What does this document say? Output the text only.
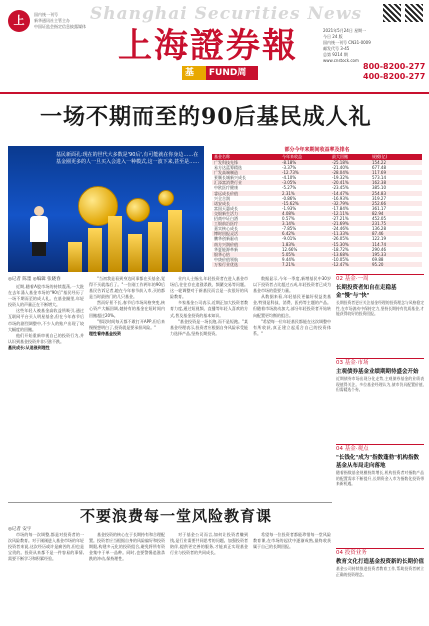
上	国内统一刊号
新华通讯社主管主办
中国证监会指定信息披露媒体
Shanghai Securities News
上海證券報
基金
FUND周刊
2021年5月24日 星期一
今日 24 版
国内统一刊号 CN31-0009
邮发代号 3-45
总第 9214 期
www.cnstock.com
800-8200-277
400-8200-277
一场不期而至的90后基民成人礼
基民新面孔:现在的世代大多数是'90后',有可能就在你身边……在基金圈更多的人一旦买入会进入一种模式,这一波下来,甚至是……
部分今年来期间收益率及排名
基金名称	今年来收益	最大回撤	规模(亿)
广发科技先锋	-8.18%	-25.18%	154.22
易方达蓝筹精选	-3.37%	-21.40%	677.48
广发高端制造	-12.73%	-28.04%	117.69
景顺长城新兴成长	-4.10%	-19.32%	573.14
汇添富消费行业	-3.05%	-20.41%	162.38
中欧医疗健康	-5.27%	-23.45%	385.10
睿远成长价值	2.31%	-14.47%	254.83
兴全合润	-0.86%	-16.93%	319.27
诺安成长	-15.62%	-32.79%	252.66
富国天惠成长	-1.93%	-17.84%	361.17
交银新生活力	4.08%	-12.11%	82.94
招商中证白酒	0.57%	-27.21%	452.05
工银前沿医疗	3.14%	-21.69%	231.75
嘉实核心成长	-7.85%	-24.46%	136.28
博时回报灵活	6.42%	-11.33%	87.46
鹏华创新驱动	-9.01%	-26.05%	122.19
南方兴润价值	1.83%	-15.30%	114.74
华夏能源革新	12.66%	-18.72%	290.46
银华心怡	5.05%	-13.68%	195.33
中庚价值领航	9.44%	-10.05%	69.88
万家行业优选	7.21%	-12.47%	95.20
◎记者 陈墨 ◎编辑 张晓春

近期,随着A股市场的持续震荡,一大批在去年涌入基金市场的"90后"基民经历了一场不期而至的成人礼。在基金圈里,年轻投资人的声量正在不断增大。

这些年轻人被基金高收益所吸引,通过互联网平台买入明星基金,但在今年春节后市场的剧烈调整中,不少人的账户出现了较大幅度的回撤。

他们开始重新审视自己的投资行为,并认识到基金投资并非只涨不跌。

基民成长:从追涨到理性

"当初我是看到身边同事都在买基金,觉得不买就落后了。"一位刚工作两年的90后基民告诉记者,她在今年春节前入市,买的都是当时最热门的几只基金。

然而好景不长,春节后市场风格突变,核心资产大幅回调,她持有的基金在短时间内回撤超过20%。

"那段时间每天都不敢打开APP,但后来慢慢想明白了,投资就是要承担风险。"

理性看待基金投资

业内人士指出,年轻投资者在进入基金市场后,往往存在追涨杀跌、频繁交易等问题。这一轮调整对于新基民而言是一次很好的风险教育。

多家基金公司表示,近期正加大投资者教育力度,通过短视频、直播等年轻人喜欢的方式,普及基金投资的基本知识。

"基金投资是一场长跑,而不是短跑。"某基金经理表示,投资者应根据自身风险承受能力选择产品,坚持长期投资。

数据显示,今年一季度,新增基民中30岁以下投资者占比超过五成,年轻投资者已成为基金市场的重要力量。

从数据来看,年轻基民更偏好权益类基金,特别是科技、消费、医药等主题的产品。但随着市场波动加大,部分年轻投资者开始转向配置更均衡的组合。

"希望每一位年轻基民都能在这次调整中有所收获,真正建立起适合自己的投资体系。"

02 基金·一周
长期投资者知自在走稳基金"慢"与"快"
长期投资者更应关注基金经理的投资理念与风格稳定性,在市场波动中保持定力,坚持长期持有优质基金,才能获得较好的投资回报。
03 基金·市场
主观债券基金业绩期期待盛会开始
近期债券市场出现分化走势,主观债券基金的业绩表现值得关注。多位基金经理认为,债市仍具配置价值,但需精选个券。
04 基金·观点
"长钱化"成为"指数蓬勃"机构指数基金从布局走向落地
随着指数基金规模持续增长,机构投资者对指数产品的配置需求不断提升,长期资金入市为指数化投资带来新机遇。
04 投资业务
教育文化打造基金投资新的长期价值
基金公司持续推进投资者教育工作,帮助投资者树立正确的投资理念。
不要浪费每一堂风险教育课
◎记者 安宇

市场的每一次调整,都是对投资者的一次风险教育。对于刚刚进入基金市场的年轻投资者来说,这次经历或许是痛苦的,但也是宝贵的。投资从来都不是一件容易的事情,需要不断学习和积累经验。

基金投资的核心在于长期持有和合理配置。投资者应当根据自身的风险偏好和投资期限,构建多元化的投资组合,避免将所有资金集中于单一品种。同时,也要警惕追涨杀跌的冲动,保持理性。

对于基金公司而言,如何让投资者赚到钱,是行业需要共同思考的问题。加强投资者陪伴,提供更完善的服务,才能真正实现基金行业与投资者的共同成长。

希望每一位投资者都能珍惜每一堂风险教育课,在市场的起伏中逐渐成熟,最终收获属于自己的长期回报。
